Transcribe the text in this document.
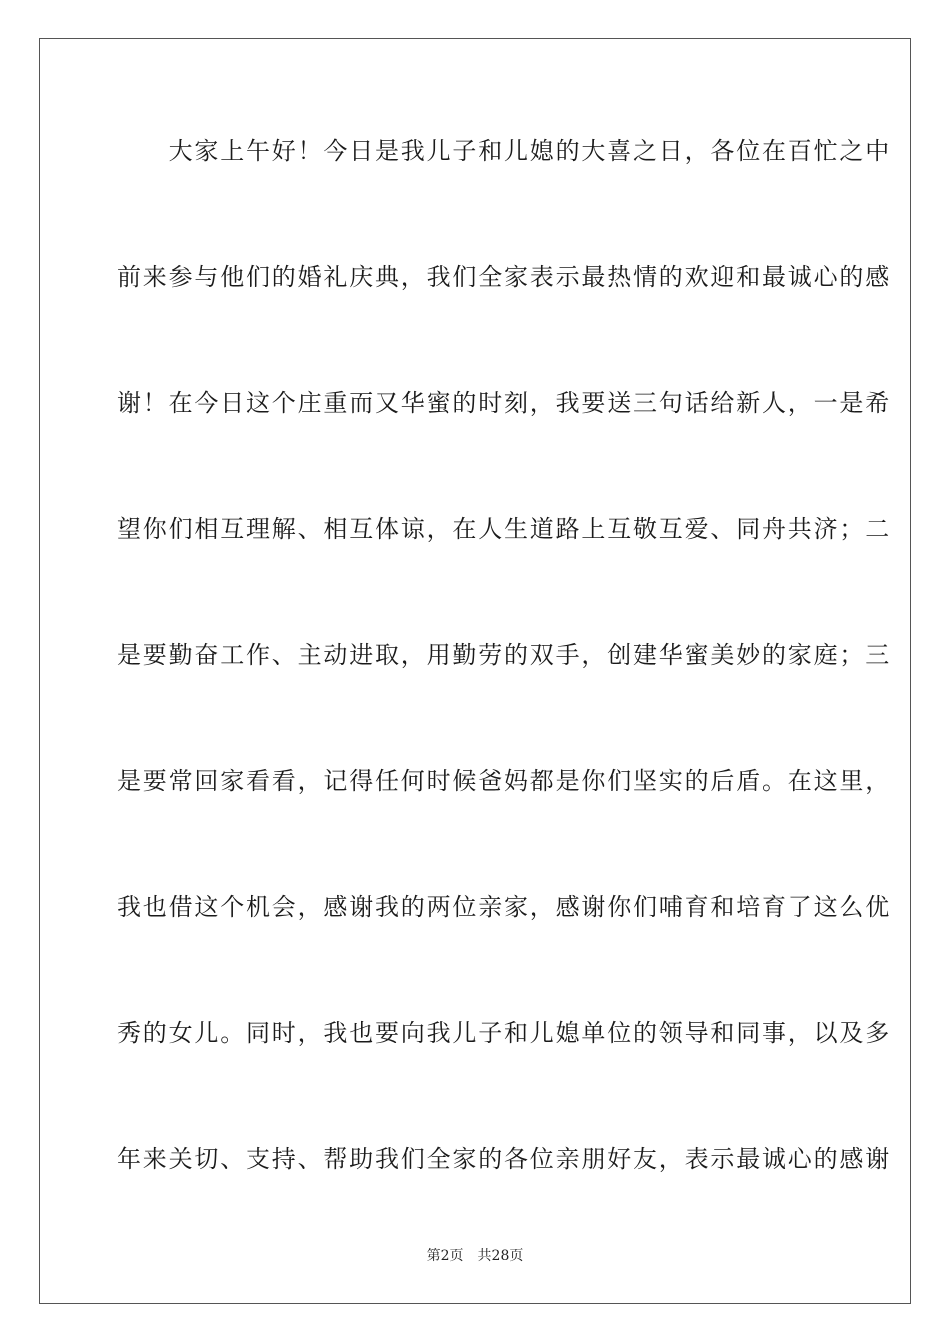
　　大家上午好！今日是我儿子和儿媳的大喜之日，各位在百忙之中
前来参与他们的婚礼庆典，我们全家表示最热情的欢迎和最诚心的感
谢！在今日这个庄重而又华蜜的时刻，我要送三句话给新人，一是希
望你们相互理解、相互体谅，在人生道路上互敬互爱、同舟共济；二
是要勤奋工作、主动进取，用勤劳的双手，创建华蜜美妙的家庭；三
是要常回家看看，记得任何时候爸妈都是你们坚实的后盾。在这里，
我也借这个机会，感谢我的两位亲家，感谢你们哺育和培育了这么优
秀的女儿。同时，我也要向我儿子和儿媳单位的领导和同事，以及多
年来关切、支持、帮助我们全家的各位亲朋好友，表示最诚心的感谢
第2页 共28页
